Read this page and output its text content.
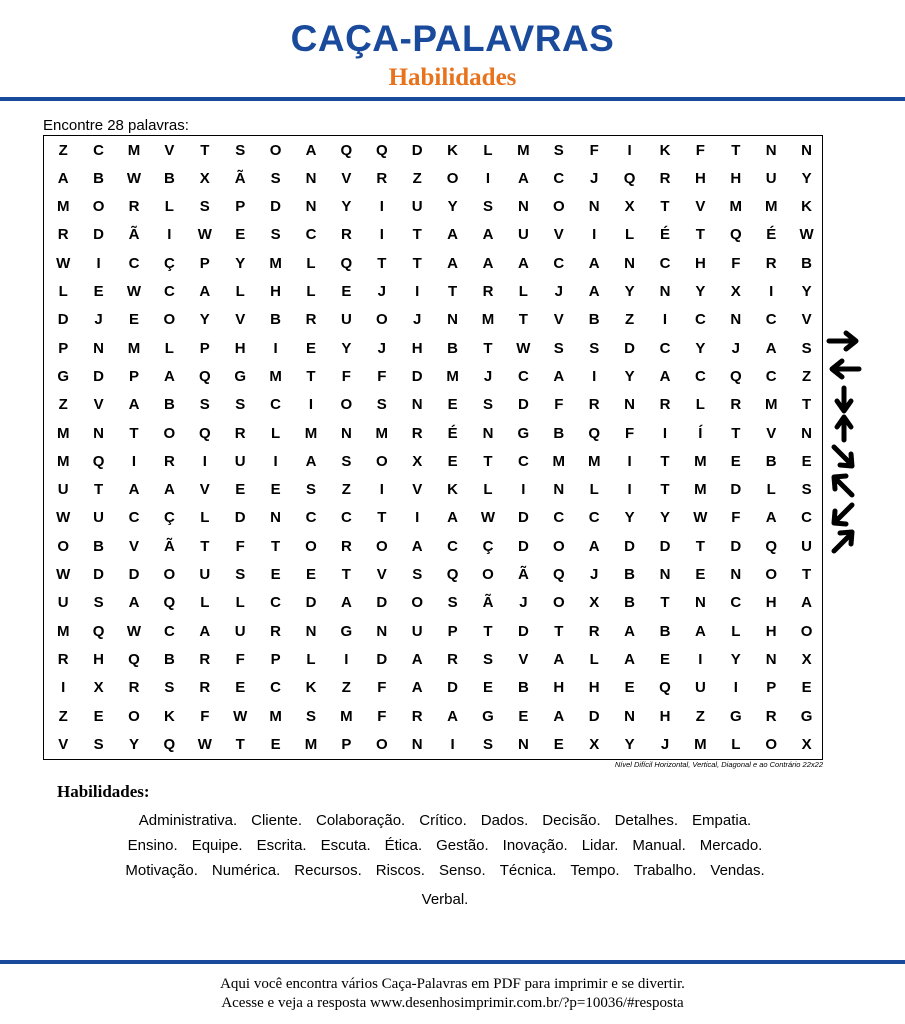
CAÇA-PALAVRAS
Habilidades
Encontre 28 palavras:
Z	C	M	V	T	S	O	A	Q	Q	D	K	L	M	S	F	I	K	F	T	N	N
A	B	W	B	X	Ã	S	N	V	R	Z	O	I	A	C	J	Q	R	H	H	U	Y
M	O	R	L	S	P	D	N	Y	I	U	Y	S	N	O	N	X	T	V	M	M	K
R	D	Ã	I	W	E	S	C	R	I	T	A	A	U	V	I	L	É	T	Q	É	W
W	I	C	Ç	P	Y	M	L	Q	T	T	A	A	A	C	A	N	C	H	F	R	B
L	E	W	C	A	L	H	L	E	J	I	T	R	L	J	A	Y	N	Y	X	I	Y
D	J	E	O	Y	V	B	R	U	O	J	N	M	T	V	B	Z	I	C	N	C	V
P	N	M	L	P	H	I	E	Y	J	H	B	T	W	S	S	D	C	Y	J	A	S
G	D	P	A	Q	G	M	T	F	F	D	M	J	C	A	I	Y	A	C	Q	C	Z
Z	V	A	B	S	S	C	I	O	S	N	E	S	D	F	R	N	R	L	R	M	T
M	N	T	O	Q	R	L	M	N	M	R	É	N	G	B	Q	F	I	Í	T	V	N
M	Q	I	R	I	U	I	A	S	O	X	E	T	C	M	M	I	T	M	E	B	E
U	T	A	A	V	E	E	S	Z	I	V	K	L	I	N	L	I	T	M	D	L	S
W	U	C	Ç	L	D	N	C	C	T	I	A	W	D	C	C	Y	Y	W	F	A	C
O	B	V	Ã	T	F	T	O	R	O	A	C	Ç	D	O	A	D	D	T	D	Q	U
W	D	D	O	U	S	E	E	T	V	S	Q	O	Ã	Q	J	B	N	E	N	O	T
U	S	A	Q	L	L	C	D	A	D	O	S	Ã	J	O	X	B	T	N	C	H	A
M	Q	W	C	A	U	R	N	G	N	U	P	T	D	T	R	A	B	A	L	H	O
R	H	Q	B	R	F	P	L	I	D	A	R	S	V	A	L	A	E	I	Y	N	X
I	X	R	S	R	E	C	K	Z	F	A	D	E	B	H	H	E	Q	U	I	P	E
Z	E	O	K	F	W	M	S	M	F	R	A	G	E	A	D	N	H	Z	G	R	G
V	S	Y	Q	W	T	E	M	P	O	N	I	S	N	E	X	Y	J	M	L	O	X
Nível Difícil Horizontal, Vertical, Diagonal e ao Contrário 22x22
Habilidades:
Administrativa. Cliente. Colaboração. Crítico. Dados. Decisão. Detalhes. Empatia.
Ensino. Equipe. Escrita. Escuta. Ética. Gestão. Inovação. Lidar. Manual. Mercado.
Motivação. Numérica. Recursos. Riscos. Senso. Técnica. Tempo. Trabalho. Vendas.
Verbal.
Aqui você encontra vários Caça-Palavras em PDF para imprimir e se divertir.
Acesse e veja a resposta www.desenhosimprimir.com.br/?p=10036/#resposta
